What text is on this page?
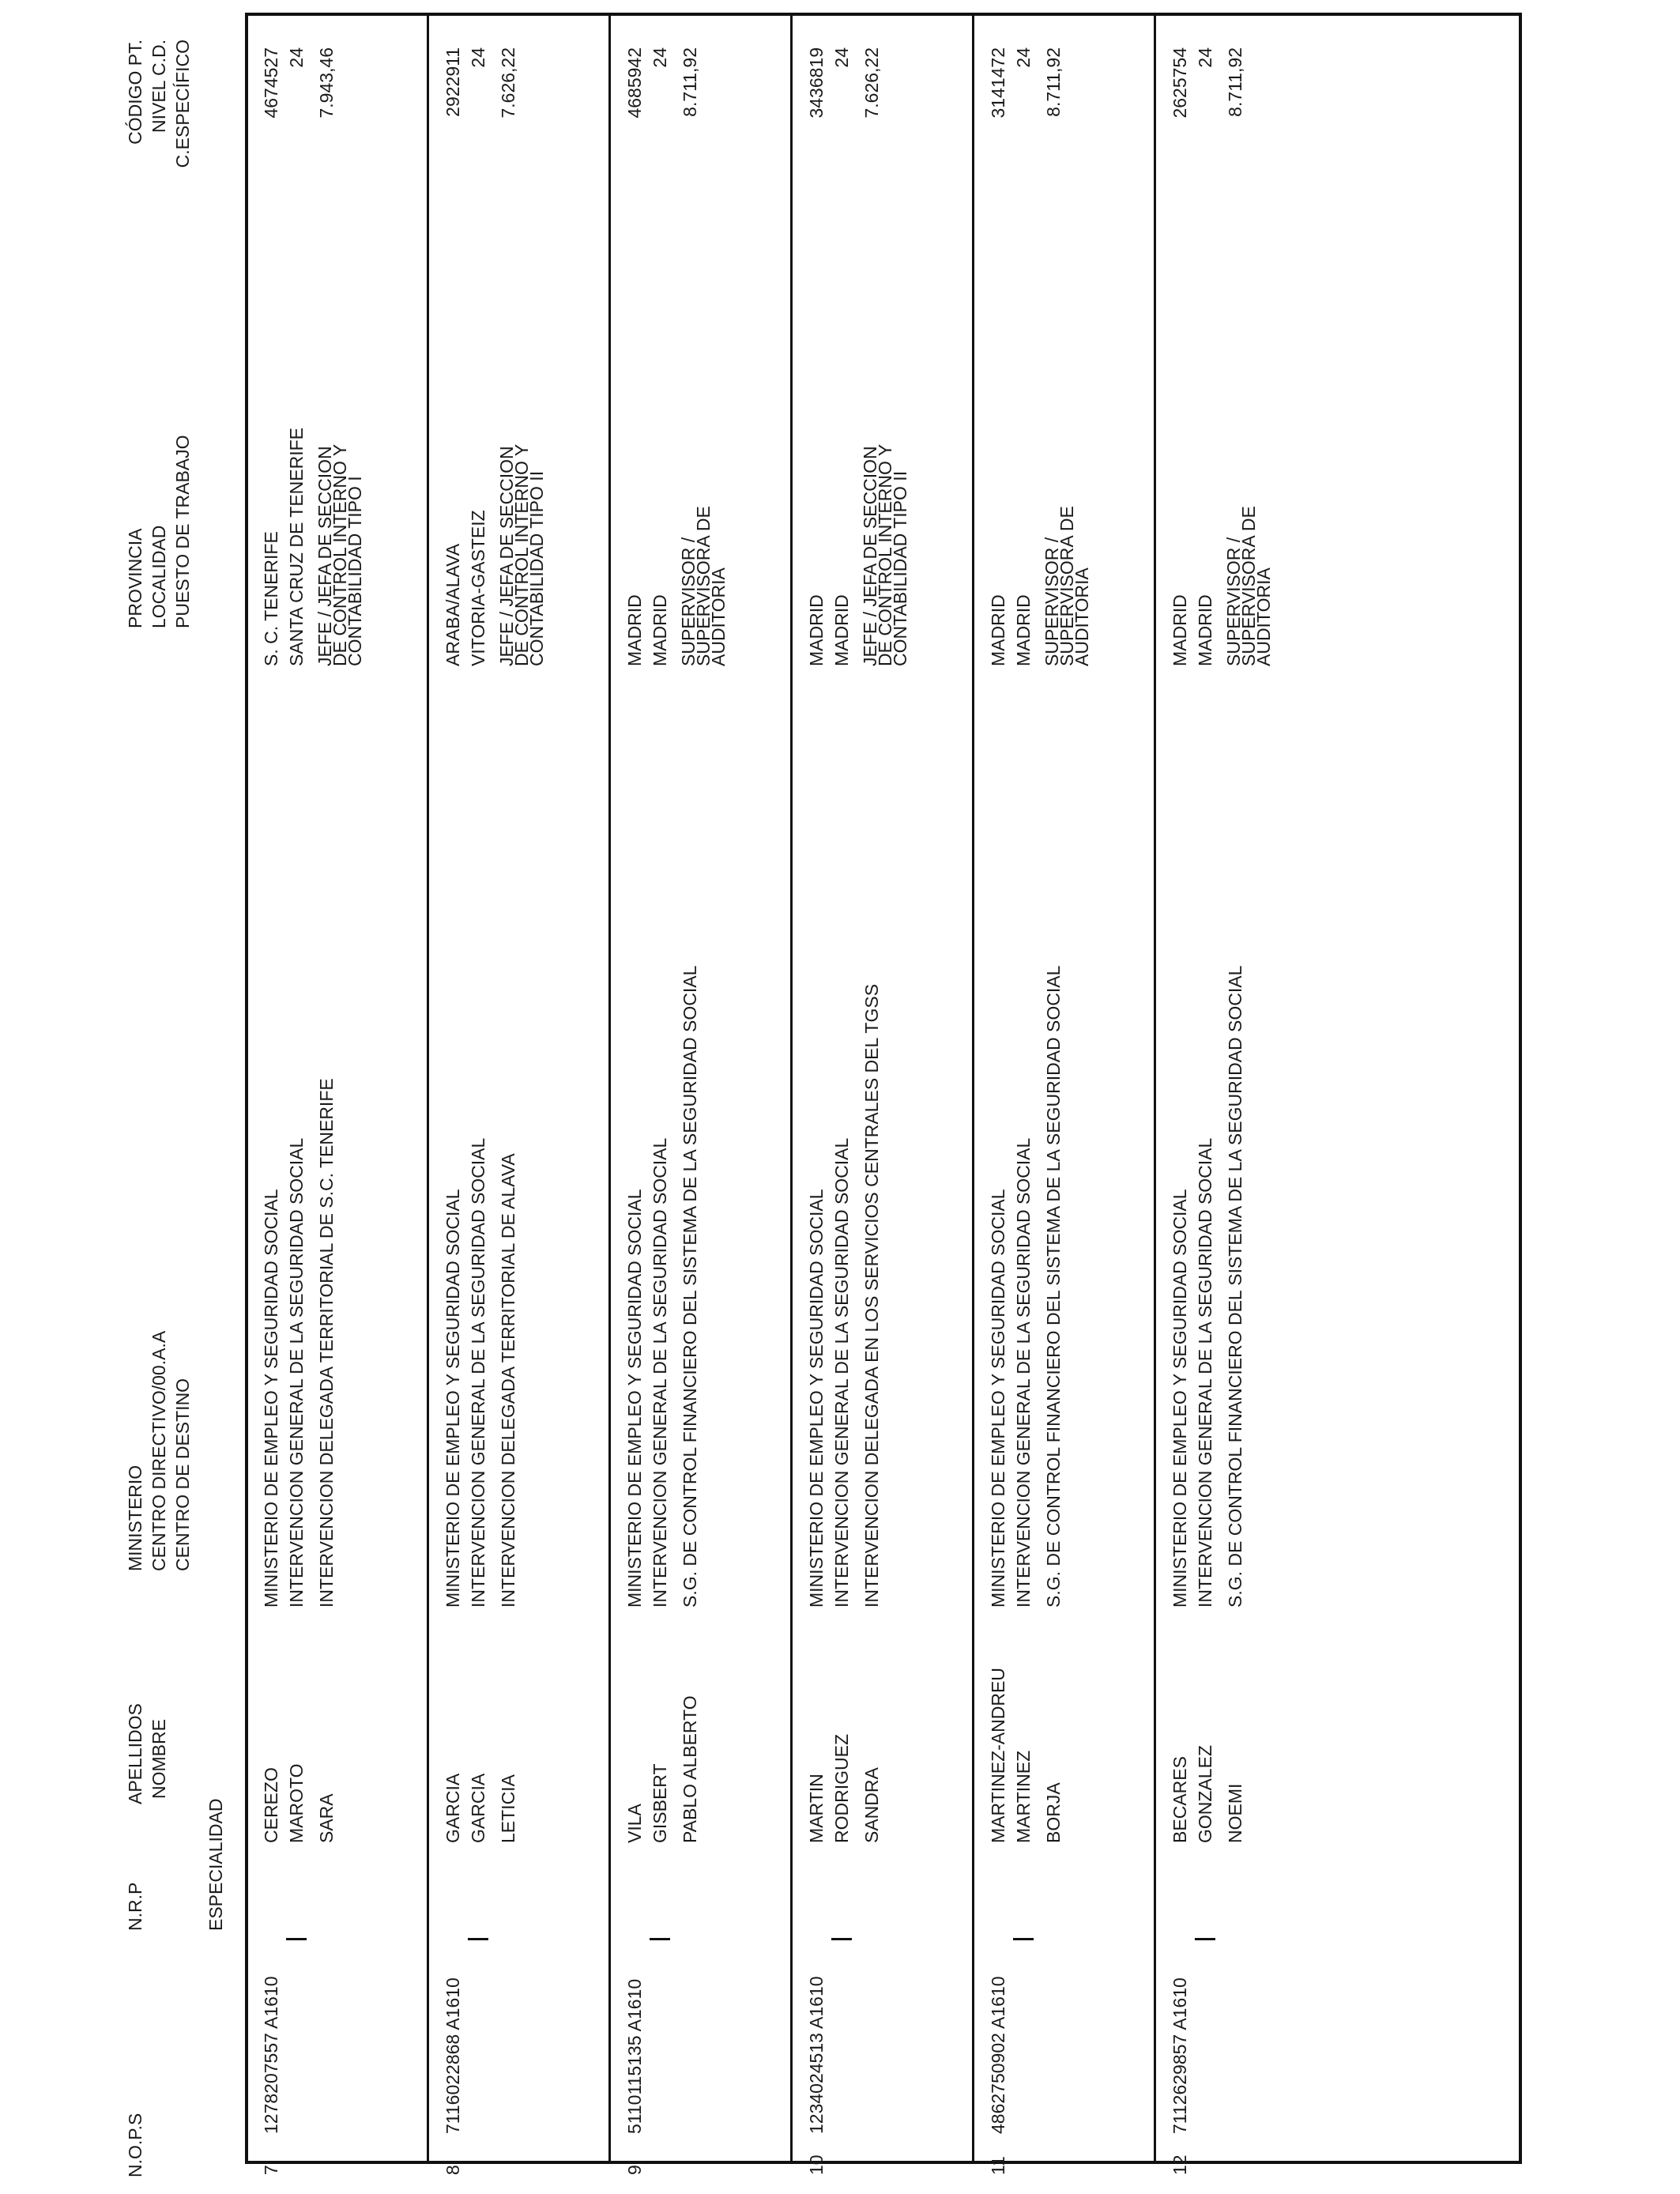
N.O.P.S
N.R.P	ESPECIALIDAD
APELLIDOS NOMBRE
MINISTERIO CENTRO DIRECTIVO/00.A.A CENTRO DE DESTINO
PROVINCIA LOCALIDAD PUESTO DE TRABAJO
CÓDIGO PT. NIVEL C.D. C.ESPECÍFICO
7
1278207557 A1610
CEREZO MAROTO SARA
MINISTERIO DE EMPLEO Y SEGURIDAD SOCIAL INTERVENCION GENERAL DE LA SEGURIDAD SOCIAL INTERVENCION DELEGADA TERRITORIAL DE S.C. TENERIFE
S. C. TENERIFE SANTA CRUZ DE TENERIFE JEFE / JEFA DE SECCION DE CONTROL INTERNO Y CONTABILIDAD TIPO I
4674527 24 7.943,46
8
7116022868 A1610
GARCIA GARCIA LETICIA
MINISTERIO DE EMPLEO Y SEGURIDAD SOCIAL INTERVENCION GENERAL DE LA SEGURIDAD SOCIAL INTERVENCION DELEGADA TERRITORIAL DE ALAVA
ARABA/ALAVA VITORIA-GASTEIZ JEFE / JEFA DE SECCION DE CONTROL INTERNO Y CONTABILIDAD TIPO II
2922911 24 7.626,22
9
5110115135 A1610
VILA GISBERT PABLO ALBERTO
MINISTERIO DE EMPLEO Y SEGURIDAD SOCIAL INTERVENCION GENERAL DE LA SEGURIDAD SOCIAL S.G. DE CONTROL FINANCIERO DEL SISTEMA DE LA SEGURIDAD SOCIAL
MADRID MADRID SUPERVISOR / SUPERVISORA DE AUDITORIA
4685942 24 8.711,92
10
1234024513 A1610
MARTIN RODRIGUEZ SANDRA
MINISTERIO DE EMPLEO Y SEGURIDAD SOCIAL INTERVENCION GENERAL DE LA SEGURIDAD SOCIAL INTERVENCION DELEGADA EN LOS SERVICIOS CENTRALES DEL TGSS
MADRID MADRID JEFE / JEFA DE SECCION DE CONTROL INTERNO Y CONTABILIDAD TIPO II
3436819 24 7.626,22
11
4862750902 A1610
MARTINEZ-ANDREU MARTINEZ BORJA
MINISTERIO DE EMPLEO Y SEGURIDAD SOCIAL INTERVENCION GENERAL DE LA SEGURIDAD SOCIAL S.G. DE CONTROL FINANCIERO DEL SISTEMA DE LA SEGURIDAD SOCIAL
MADRID MADRID SUPERVISOR / SUPERVISORA DE AUDITORIA
3141472 24 8.711,92
12
7112629857 A1610
BECARES GONZALEZ NOEMI
MINISTERIO DE EMPLEO Y SEGURIDAD SOCIAL INTERVENCION GENERAL DE LA SEGURIDAD SOCIAL S.G. DE CONTROL FINANCIERO DEL SISTEMA DE LA SEGURIDAD SOCIAL
MADRID MADRID SUPERVISOR / SUPERVISORA DE AUDITORIA
2625754 24 8.711,92
